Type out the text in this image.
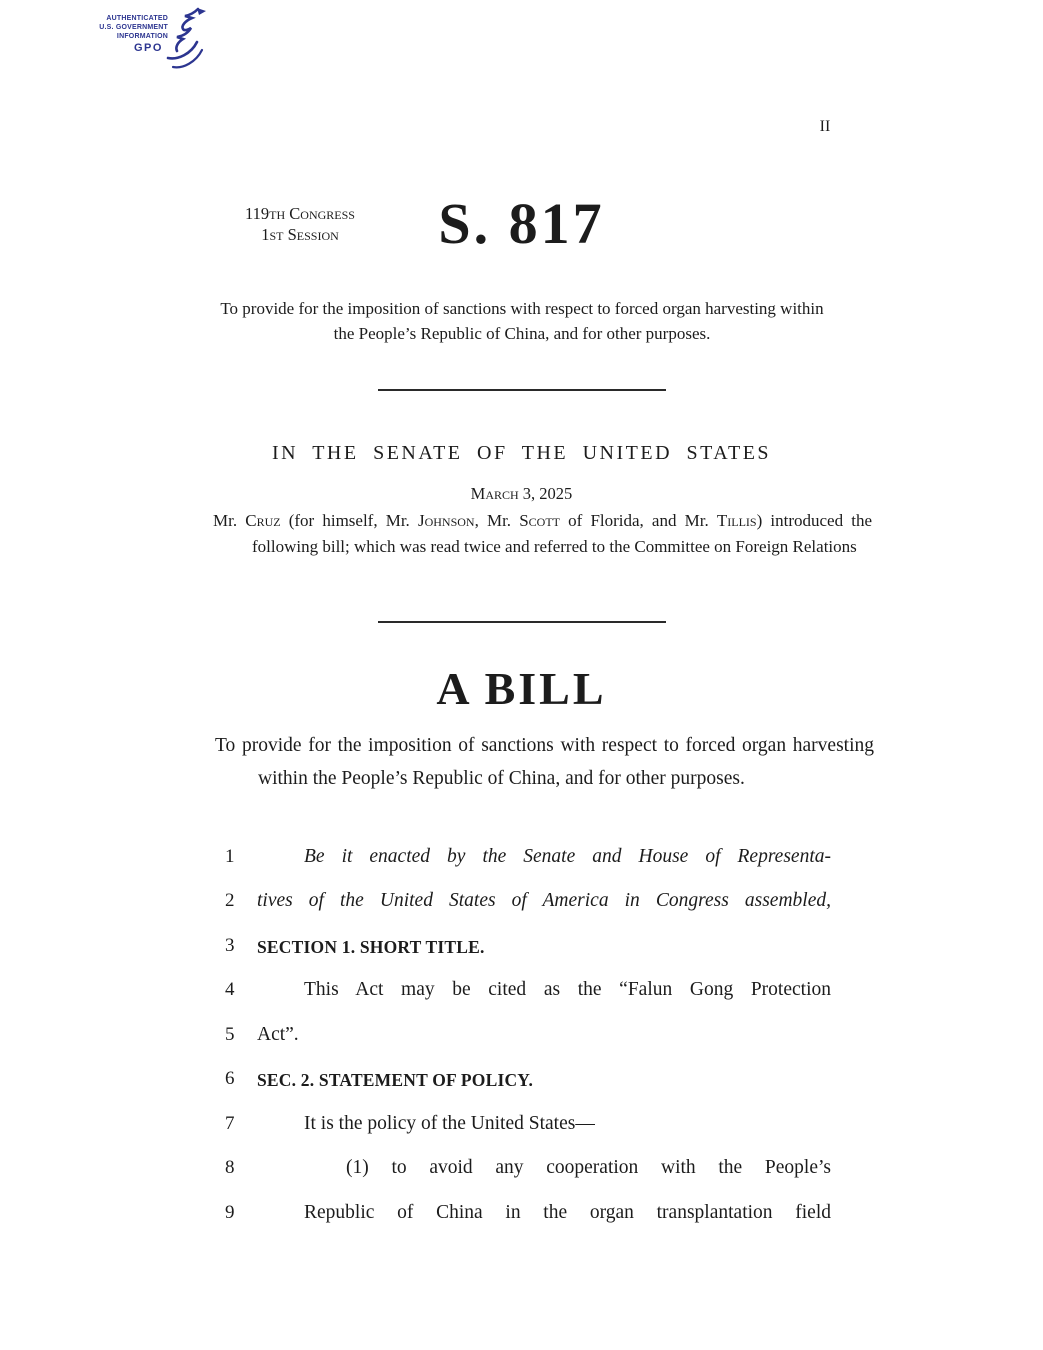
AUTHENTICATED
U.S. GOVERNMENT
INFORMATION
GPO
II
119th Congress
1st Session	S. 817
To provide for the imposition of sanctions with respect to forced organ harvesting within the People’s Republic of China, and for other purposes.
IN THE SENATE OF THE UNITED STATES
March 3, 2025
Mr. Cruz (for himself, Mr. Johnson, Mr. Scott of Florida, and Mr. Tillis) introduced the following bill; which was read twice and referred to the Committee on Foreign Relations
A BILL
To provide for the imposition of sanctions with respect to forced organ harvesting within the People’s Republic of China, and for other purposes.
1	Be it enacted by the Senate and House of Representa-
2 tives of the United States of America in Congress assembled,
3 SECTION 1. SHORT TITLE.
4	This Act may be cited as the “Falun Gong Protection
5 Act”.
6 SEC. 2. STATEMENT OF POLICY.
7	It is the policy of the United States—
8	(1) to avoid any cooperation with the People’s
9	Republic of China in the organ transplantation field
